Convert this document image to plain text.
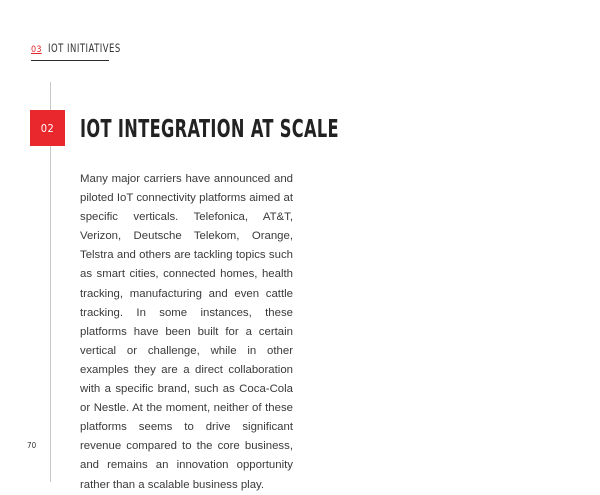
03 IOT INITIATIVES
02 IOT INTEGRATION AT SCALE

Many major carriers have announced and piloted IoT connectivity platforms aimed at specific verticals. Telefonica, AT&T, Verizon, Deutsche Telekom, Orange, Telstra and others are tackling topics such as smart cities, connected homes, health tracking, manufacturing and even cattle tracking. In some instances, these platforms have been built for a certain vertical or challenge, while in other examples they are a direct collaboration with a specific brand, such as Coca-Cola or Nestle. At the moment, neither of these platforms seems to drive significant revenue compared to the core business, and remains an innovation opportunity rather than a scalable business play.

70
